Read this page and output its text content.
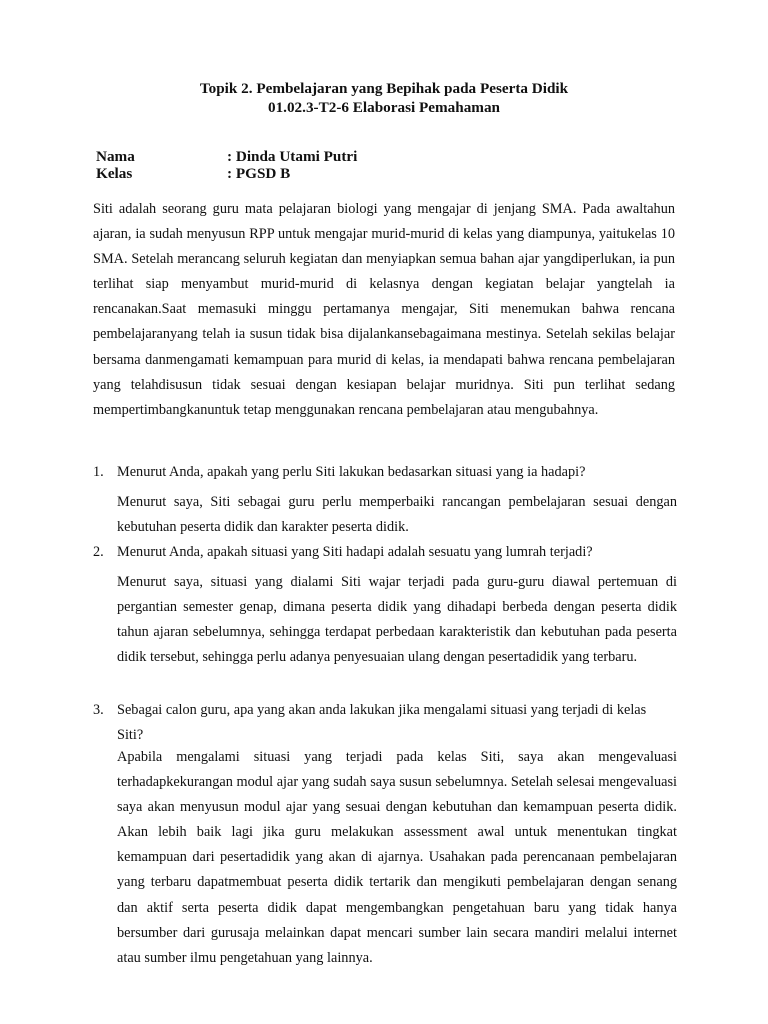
Topik 2. Pembelajaran yang Bepihak pada Peserta Didik
01.02.3-T2-6 Elaborasi Pemahaman
Nama	: Dinda Utami Putri
Kelas	: PGSD B
Siti adalah seorang guru mata pelajaran biologi yang mengajar di jenjang SMA. Pada awaltahun ajaran, ia sudah menyusun RPP untuk mengajar murid-murid di kelas yang diampunya, yaitukelas 10 SMA. Setelah merancang seluruh kegiatan dan menyiapkan semua bahan ajar yangdiperlukan, ia pun terlihat siap menyambut murid-murid di kelasnya dengan kegiatan belajar yangtelah ia rencanakan.Saat memasuki minggu pertamanya mengajar, Siti menemukan bahwa rencana pembelajaranyang telah ia susun tidak bisa dijalankansebagaimana mestinya. Setelah sekilas belajar bersama danmengamati kemampuan para murid di kelas, ia mendapati bahwa rencana pembelajaran yang telahdisusun tidak sesuai dengan kesiapan belajar muridnya. Siti pun terlihat sedang mempertimbangkanuntuk tetap menggunakan rencana pembelajaran atau mengubahnya.
1. Menurut Anda, apakah yang perlu Siti lakukan bedasarkan situasi yang ia hadapi?
Menurut saya, Siti sebagai guru perlu memperbaiki rancangan pembelajaran sesuai dengan kebutuhan peserta didik dan karakter peserta didik.
2. Menurut Anda, apakah situasi yang Siti hadapi adalah sesuatu yang lumrah terjadi?
Menurut saya, situasi yang dialami Siti wajar terjadi pada guru-guru diawal pertemuan di pergantian semester genap, dimana peserta didik yang dihadapi berbeda dengan peserta didik tahun ajaran sebelumnya, sehingga terdapat perbedaan karakteristik dan kebutuhan pada peserta didik tersebut, sehingga perlu adanya penyesuaian ulang dengan pesertadidik yang terbaru.
3. Sebagai calon guru, apa yang akan anda lakukan jika mengalami situasi yang terjadi di kelas Siti?
Apabila mengalami situasi yang terjadi pada kelas Siti, saya akan mengevaluasi terhadapkekurangan modul ajar yang sudah saya susun sebelumnya. Setelah selesai mengevaluasi saya akan menyusun modul ajar yang sesuai dengan kebutuhan dan kemampuan peserta didik. Akan lebih baik lagi jika guru melakukan assessment awal untuk menentukan tingkat kemampuan dari pesertadidik yang akan di ajarnya. Usahakan pada perencanaan pembelajaran yang terbaru dapatmembuat peserta didik tertarik dan mengikuti pembelajaran dengan senang dan aktif serta peserta didik dapat mengembangkan pengetahuan baru yang tidak hanya bersumber dari gurusaja melainkan dapat mencari sumber lain secara mandiri melalui internet atau sumber ilmu pengetahuan yang lainnya.
